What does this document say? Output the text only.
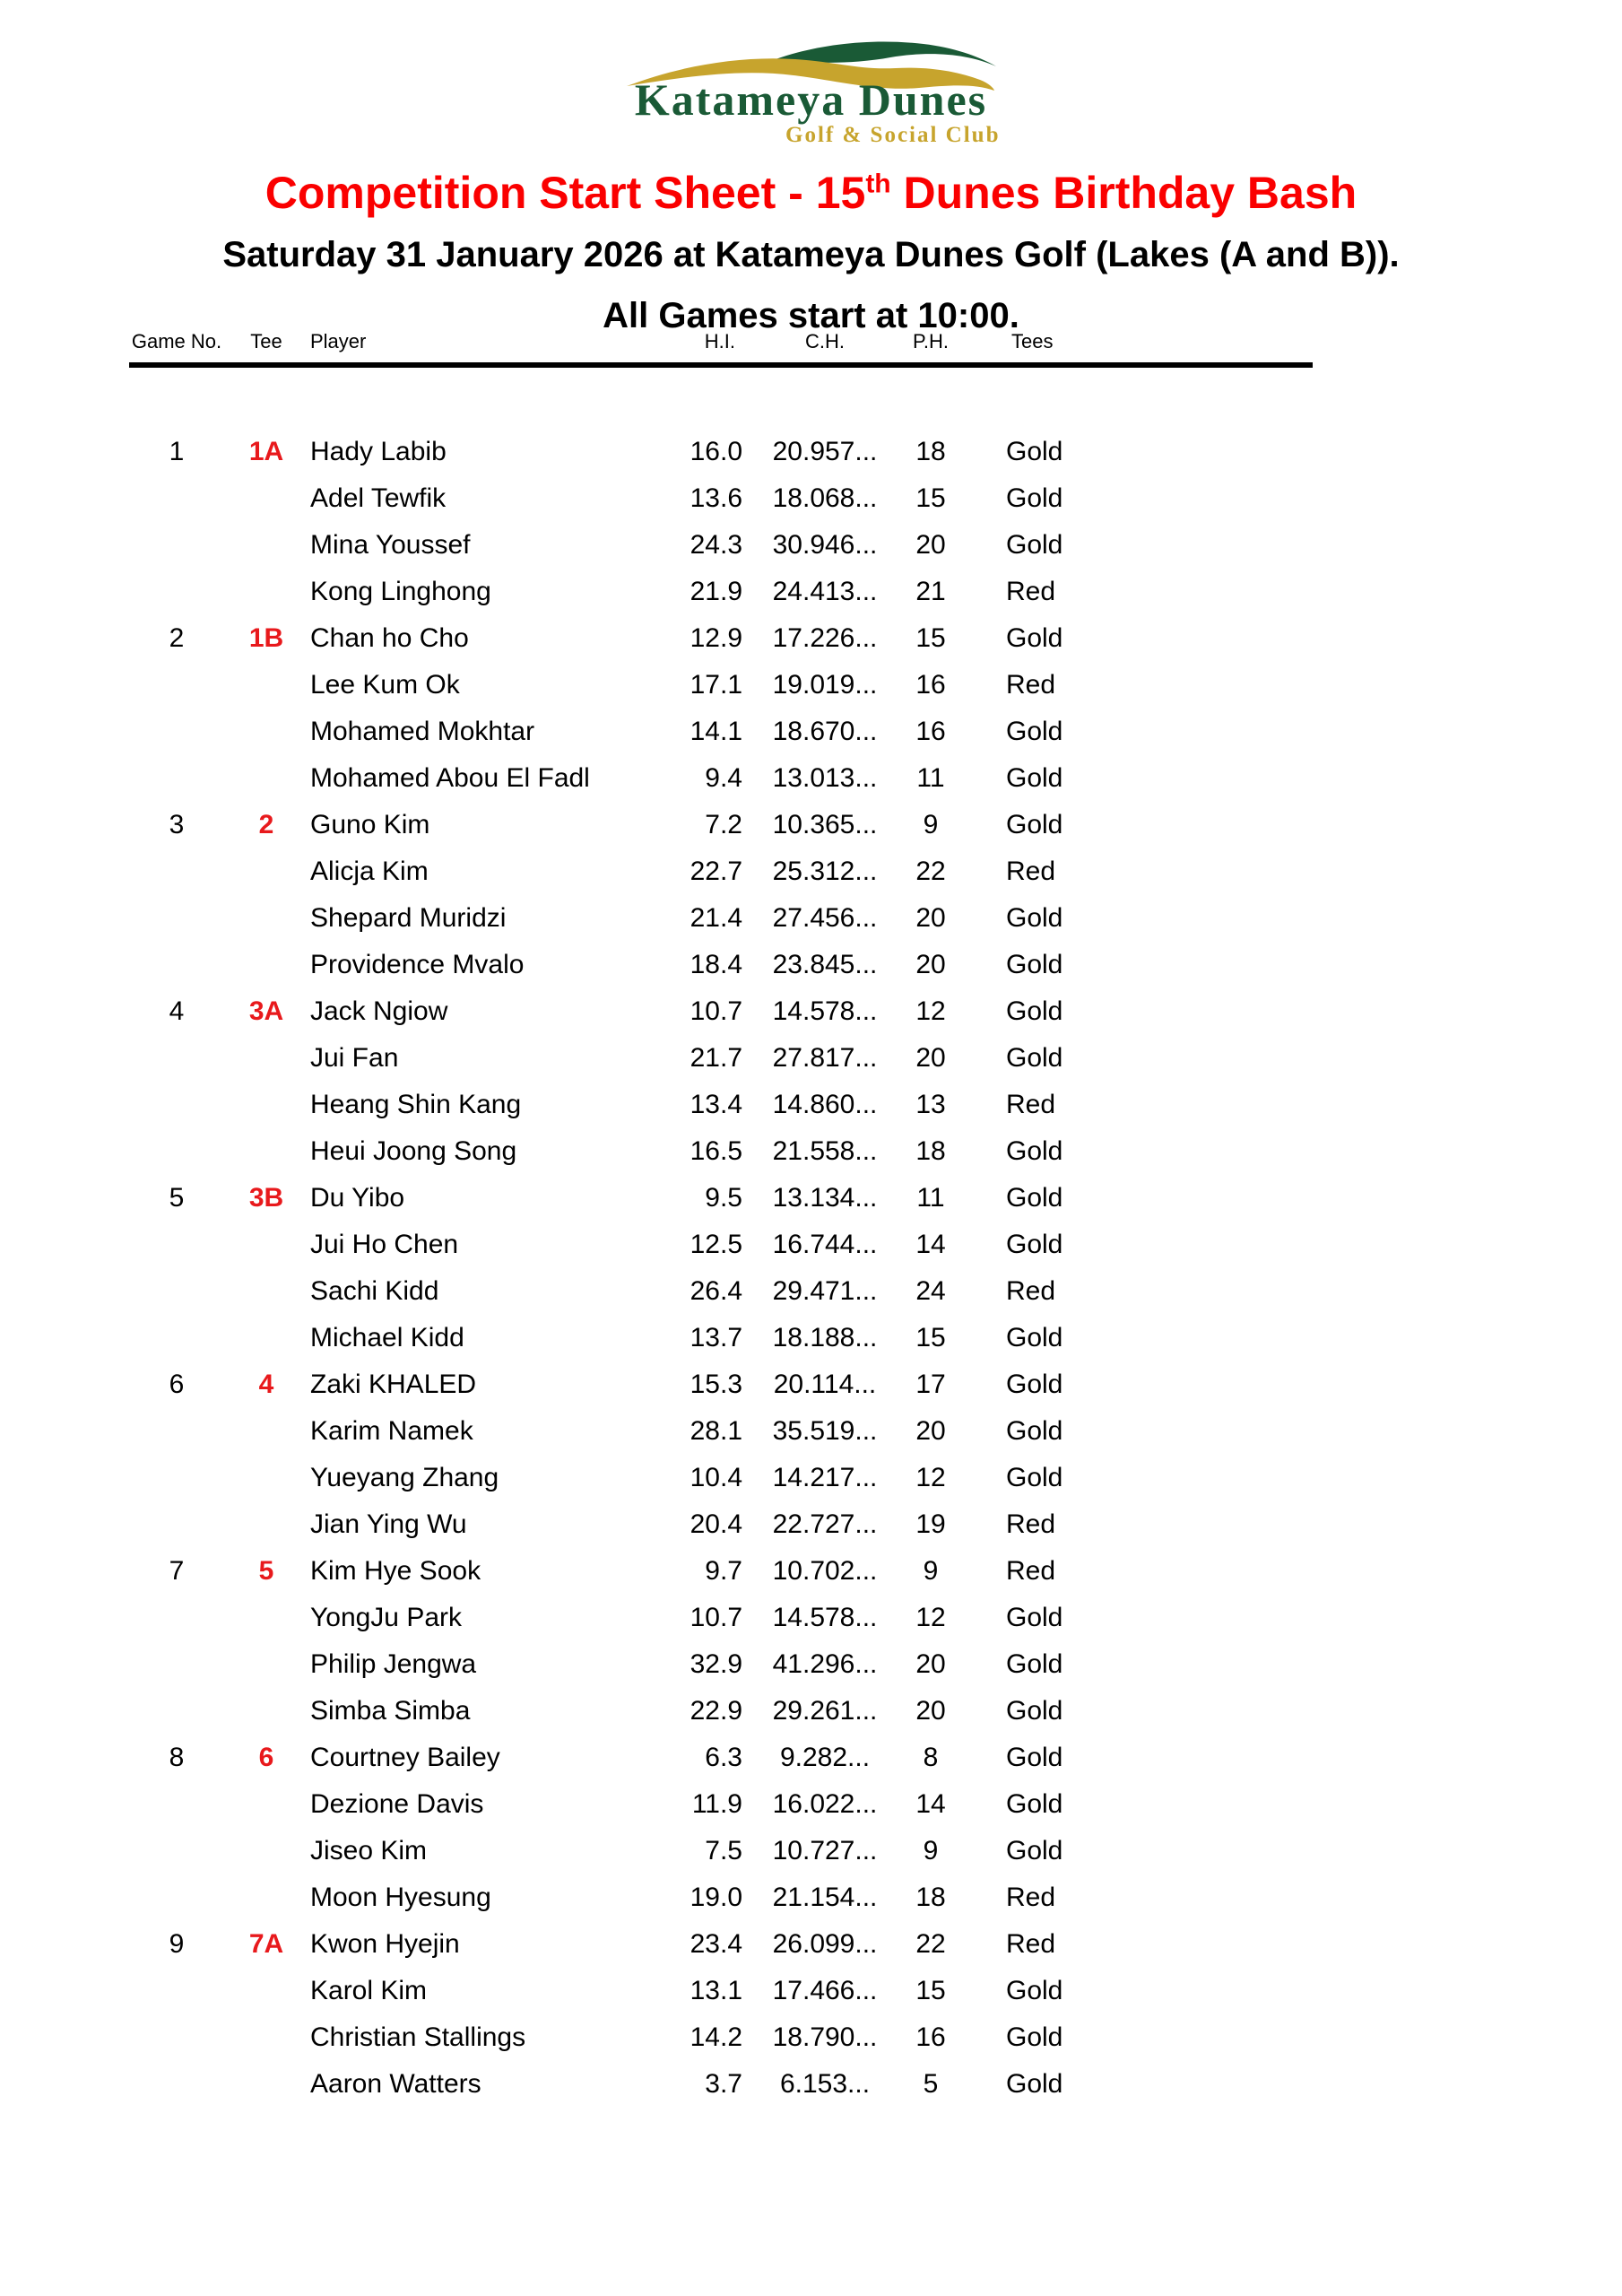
Katameya Dunes
Golf & Social Club
Competition Start Sheet - 15th Dunes Birthday Bash
Saturday 31 January 2026 at Katameya Dunes Golf (Lakes (A and B)).
All Games start at 10:00.
Game No.	Tee	Player	H.I.	C.H.	P.H.	Tees

1	1A	Hady Labib	16.0	20.957...	18	Gold
		Adel Tewfik	13.6	18.068...	15	Gold
		Mina Youssef	24.3	30.946...	20	Gold
		Kong Linghong	21.9	24.413...	21	Red
2	1B	Chan ho Cho	12.9	17.226...	15	Gold
		Lee Kum Ok	17.1	19.019...	16	Red
		Mohamed Mokhtar	14.1	18.670...	16	Gold
		Mohamed Abou El Fadl	9.4	13.013...	11	Gold
3	2	Guno Kim	7.2	10.365...	9	Gold
		Alicja Kim	22.7	25.312...	22	Red
		Shepard Muridzi	21.4	27.456...	20	Gold
		Providence Mvalo	18.4	23.845...	20	Gold
4	3A	Jack Ngiow	10.7	14.578...	12	Gold
		Jui Fan	21.7	27.817...	20	Gold
		Heang Shin Kang	13.4	14.860...	13	Red
		Heui Joong Song	16.5	21.558...	18	Gold
5	3B	Du Yibo	9.5	13.134...	11	Gold
		Jui Ho Chen	12.5	16.744...	14	Gold
		Sachi Kidd	26.4	29.471...	24	Red
		Michael Kidd	13.7	18.188...	15	Gold
6	4	Zaki KHALED	15.3	20.114...	17	Gold
		Karim Namek	28.1	35.519...	20	Gold
		Yueyang Zhang	10.4	14.217...	12	Gold
		Jian Ying Wu	20.4	22.727...	19	Red
7	5	Kim Hye Sook	9.7	10.702...	9	Red
		YongJu Park	10.7	14.578...	12	Gold
		Philip Jengwa	32.9	41.296...	20	Gold
		Simba Simba	22.9	29.261...	20	Gold
8	6	Courtney Bailey	6.3	9.282...	8	Gold
		Dezione Davis	11.9	16.022...	14	Gold
		Jiseo Kim	7.5	10.727...	9	Gold
		Moon Hyesung	19.0	21.154...	18	Red
9	7A	Kwon Hyejin	23.4	26.099...	22	Red
		Karol Kim	13.1	17.466...	15	Gold
		Christian Stallings	14.2	18.790...	16	Gold
		Aaron Watters	3.7	6.153...	5	Gold
